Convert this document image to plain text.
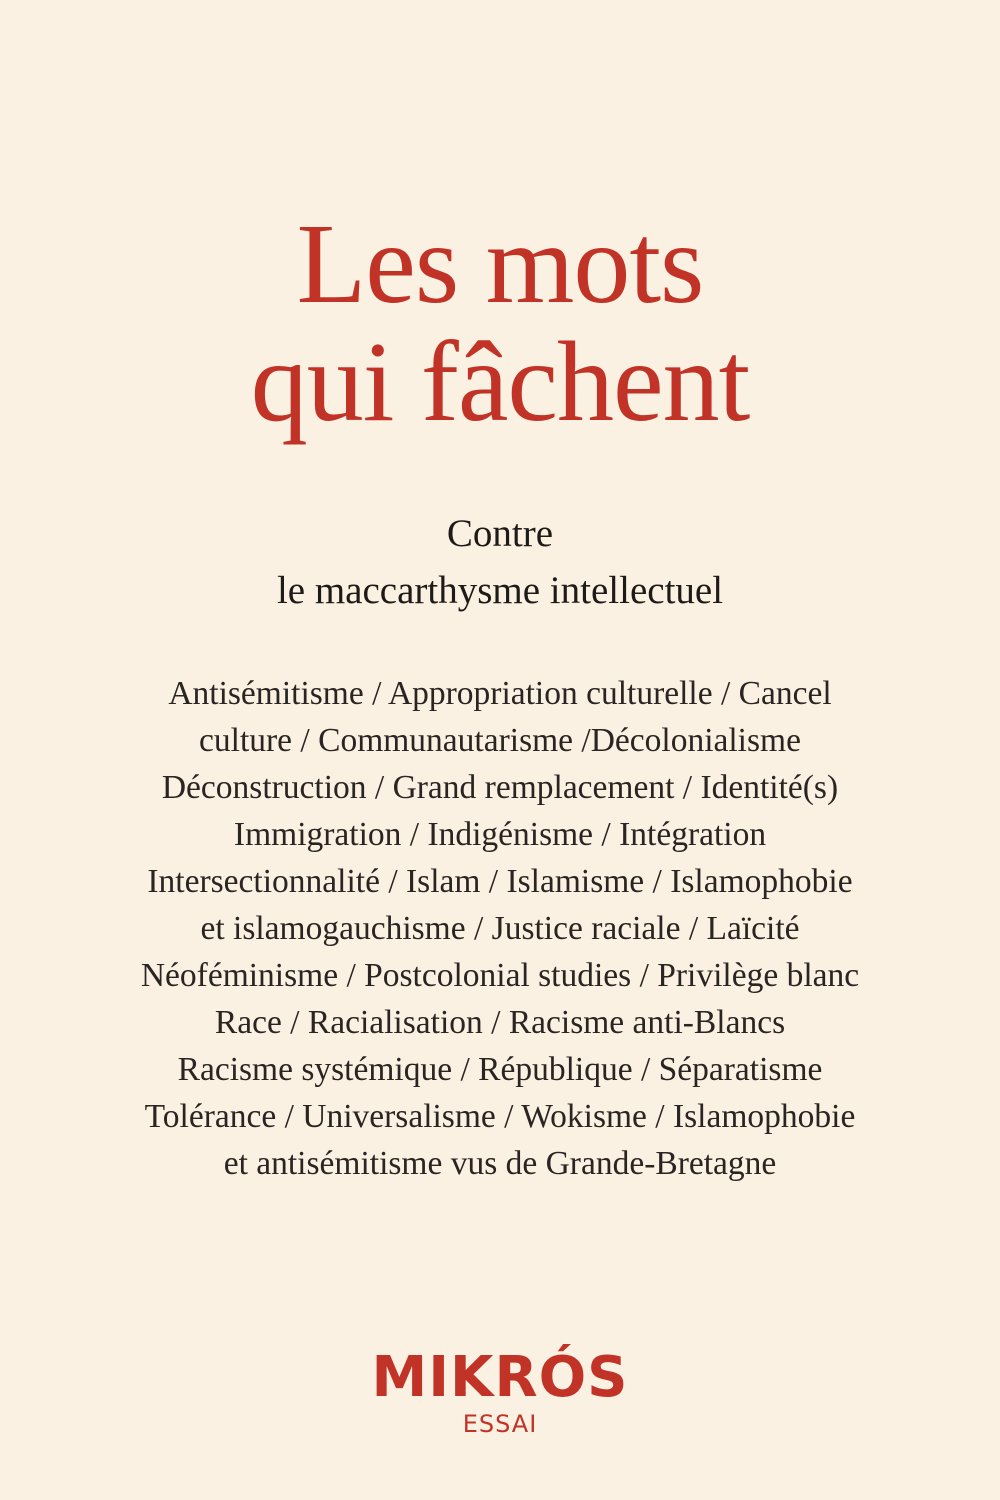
Les mots
qui fâchent
Contre
le maccarthysme intellectuel
Antisémitisme / Appropriation culturelle / Cancel
culture / Communautarisme /Décolonialisme
Déconstruction / Grand remplacement / Identité(s)
Immigration / Indigénisme / Intégration
Intersectionnalité / Islam / Islamisme / Islamophobie
et islamogauchisme / Justice raciale / Laïcité
Néoféminisme / Postcolonial studies / Privilège blanc
Race / Racialisation / Racisme anti-Blancs
Racisme systémique / République / Séparatisme
Tolérance / Universalisme / Wokisme / Islamophobie
et antisémitisme vus de Grande-Bretagne
MIKRÓS
ESSAI
